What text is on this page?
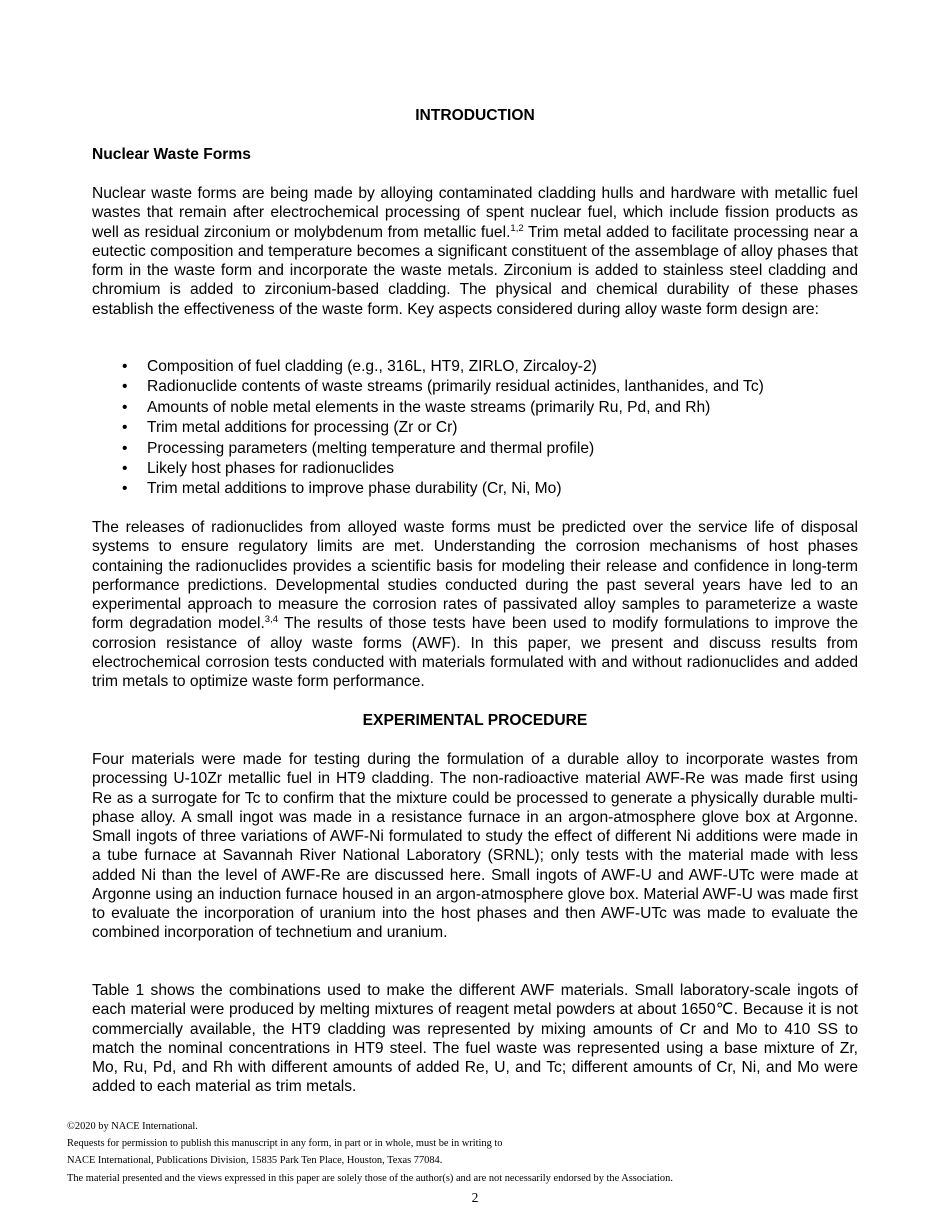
INTRODUCTION
Nuclear Waste Forms

Nuclear waste forms are being made by alloying contaminated cladding hulls and hardware with metallic fuel wastes that remain after electrochemical processing of spent nuclear fuel, which include fission products as well as residual zirconium or molybdenum from metallic fuel.$^{1,2}$ Trim metal added to facilitate processing near a eutectic composition and temperature becomes a significant constituent of the assemblage of alloy phases that form in the waste form and incorporate the waste metals. Zirconium is added to stainless steel cladding and chromium is added to zirconium-based cladding. The physical and chemical durability of these phases establish the effectiveness of the waste form. Key aspects considered during alloy waste form design are:

• Composition of fuel cladding (e.g., 316L, HT9, ZIRLO, Zircaloy-2)
• Radionuclide contents of waste streams (primarily residual actinides, lanthanides, and Tc)
• Amounts of noble metal elements in the waste streams (primarily Ru, Pd, and Rh)
• Trim metal additions for processing (Zr or Cr)
• Processing parameters (melting temperature and thermal profile)
• Likely host phases for radionuclides
• Trim metal additions to improve phase durability (Cr, Ni, Mo)

The releases of radionuclides from alloyed waste forms must be predicted over the service life of disposal systems to ensure regulatory limits are met. Understanding the corrosion mechanisms of host phases containing the radionuclides provides a scientific basis for modeling their release and confidence in long-term performance predictions. Developmental studies conducted during the past several years have led to an experimental approach to measure the corrosion rates of passivated alloy samples to parameterize a waste form degradation model.$^{3,4}$ The results of those tests have been used to modify formulations to improve the corrosion resistance of alloy waste forms (AWF). In this paper, we present and discuss results from electrochemical corrosion tests conducted with materials formulated with and without radionuclides and added trim metals to optimize waste form performance.

EXPERIMENTAL PROCEDURE

Four materials were made for testing during the formulation of a durable alloy to incorporate wastes from processing U-10Zr metallic fuel in HT9 cladding. The non-radioactive material AWF-Re was made first using Re as a surrogate for Tc to confirm that the mixture could be processed to generate a physically durable multi-phase alloy. A small ingot was made in a resistance furnace in an argon-atmosphere glove box at Argonne. Small ingots of three variations of AWF-Ni formulated to study the effect of different Ni additions were made in a tube furnace at Savannah River National Laboratory (SRNL); only tests with the material made with less added Ni than the level of AWF-Re are discussed here. Small ingots of AWF-U and AWF-UTc were made at Argonne using an induction furnace housed in an argon-atmosphere glove box. Material AWF-U was made first to evaluate the incorporation of uranium into the host phases and then AWF-UTc was made to evaluate the combined incorporation of technetium and uranium.

Table 1 shows the combinations used to make the different AWF materials. Small laboratory-scale ingots of each material were produced by melting mixtures of reagent metal powders at about 1650℃. Because it is not commercially available, the HT9 cladding was represented by mixing amounts of Cr and Mo to 410 SS to match the nominal concentrations in HT9 steel. The fuel waste was represented using a base mixture of Zr, Mo, Ru, Pd, and Rh with different amounts of added Re, U, and Tc; different amounts of Cr, Ni, and Mo were added to each material as trim metals.

©2020 by NACE International.
Requests for permission to publish this manuscript in any form, in part or in whole, must be in writing to
NACE International, Publications Division, 15835 Park Ten Place, Houston, Texas 77084.
The material presented and the views expressed in this paper are solely those of the author(s) and are not necessarily endorsed by the Association.
2
